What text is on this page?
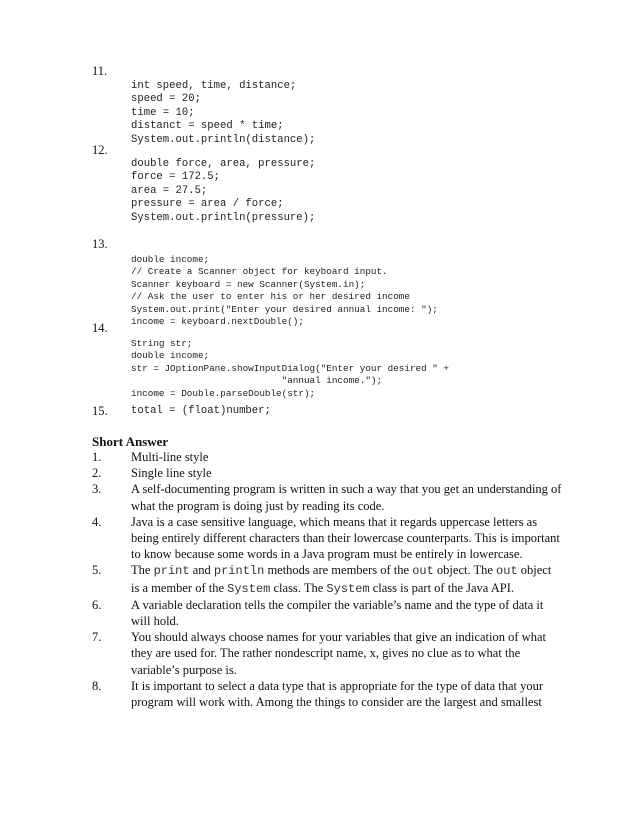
11.
int speed, time, distance;
speed = 20;
time = 10;
distanct = speed * time;
System.out.println(distance);
12.
double force, area, pressure;
force = 172.5;
area = 27.5;
pressure = area / force;
System.out.println(pressure);
13.
double income;
// Create a Scanner object for keyboard input.
Scanner keyboard = new Scanner(System.in);
// Ask the user to enter his or her desired income
System.out.print("Enter your desired annual income: ");
income = keyboard.nextDouble();
14.
String str;
double income;
str = JOptionPane.showInputDialog("Enter your desired " +
"annual income.");
income = Double.parseDouble(str);
15. total = (float)number;
Short Answer
1.	Multi-line style
2.	Single line style
3.	A self-documenting program is written in such a way that you get an understanding of what the program is doing just by reading its code.
4.	Java is a case sensitive language, which means that it regards uppercase letters as being entirely different characters than their lowercase counterparts. This is important to know because some words in a Java program must be entirely in lowercase.
5.	The print and println methods are members of the out object. The out object is a member of the System class. The System class is part of the Java API.
6.	A variable declaration tells the compiler the variable’s name and the type of data it will hold.
7.	You should always choose names for your variables that give an indication of what they are used for. The rather nondescript name, x, gives no clue as to what the variable’s purpose is.
8.	It is important to select a data type that is appropriate for the type of data that your program will work with. Among the things to consider are the largest and smallest
